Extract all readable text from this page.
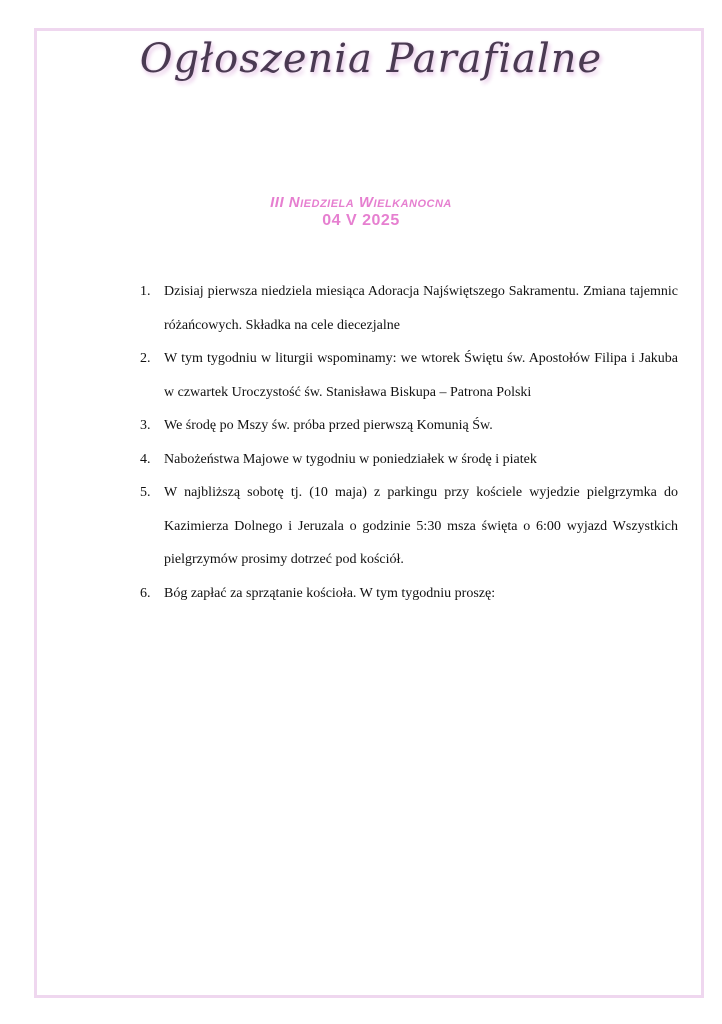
Ogłoszenia Parafialne
III Niedziela Wielkanocna
04 V 2025
1. Dzisiaj pierwsza niedziela miesiąca Adoracja Najświętszego Sakramentu. Zmiana tajemnic różańcowych. Składka na cele diecezjalne
2. W tym tygodniu w liturgii wspominamy: we wtorek Świętu św. Apostołów Filipa i Jakuba w czwartek Uroczystość św. Stanisława Biskupa – Patrona Polski
3. We środę po Mszy św. próba przed pierwszą Komunią Św.
4. Nabożeństwa Majowe w tygodniu w poniedziałek w środę i piatek
5. W najbliższą sobotę tj. (10 maja) z parkingu przy kościele wyjedzie pielgrzymka do Kazimierza Dolnego i Jeruzala o godzinie 5:30 msza święta o 6:00 wyjazd Wszystkich pielgrzymów prosimy dotrzeć pod kościół.
6. Bóg zapłać za sprzątanie kościoła. W tym tygodniu proszę:
